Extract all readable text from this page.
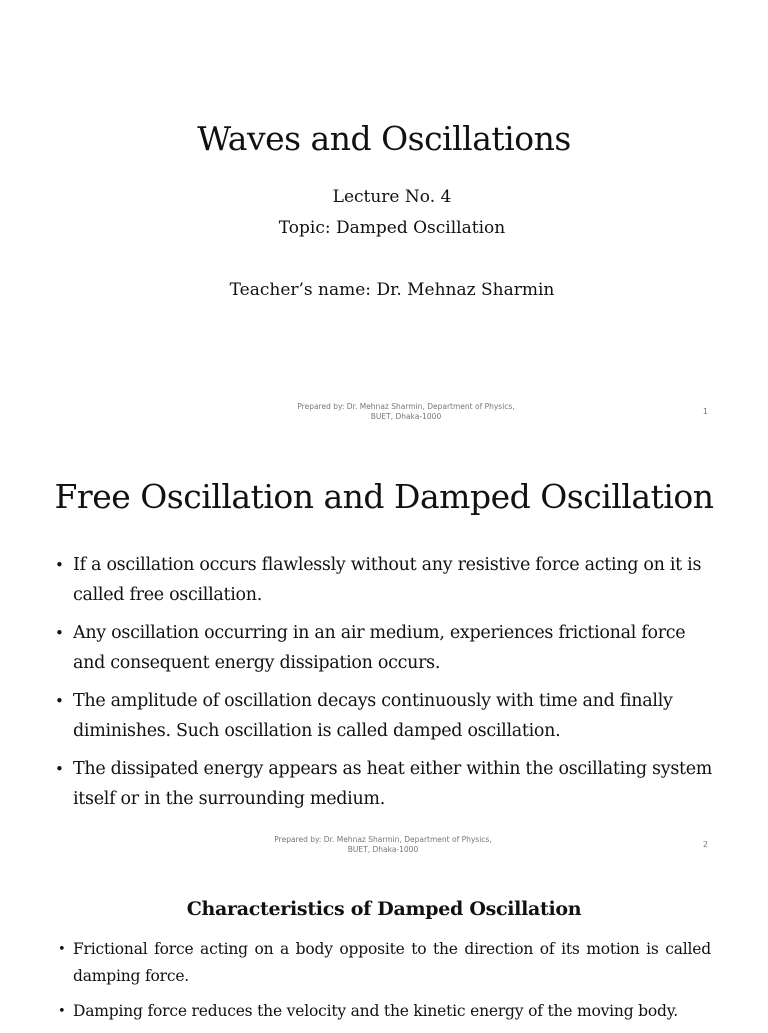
Waves and Oscillations
Lecture No. 4
Topic: Damped Oscillation
Teacher’s name: Dr. Mehnaz Sharmin
Prepared by: Dr. Mehnaz Sharmin, Department of Physics,
BUET, Dhaka-1000
1
Free Oscillation and Damped Oscillation
• If a oscillation occurs flawlessly without any resistive force acting on it is called free oscillation.
• Any oscillation occurring in an air medium, experiences frictional force and consequent energy dissipation occurs.
• The amplitude of oscillation decays continuously with time and finally diminishes. Such oscillation is called damped oscillation.
• The dissipated energy appears as heat either within the oscillating system itself or in the surrounding medium.
Prepared by: Dr. Mehnaz Sharmin, Department of Physics,
BUET, Dhaka-1000
2
Characteristics of Damped Oscillation
• Frictional force acting on a body opposite to the direction of its motion is called damping force.
• Damping force reduces the velocity and the kinetic energy of the moving body.
